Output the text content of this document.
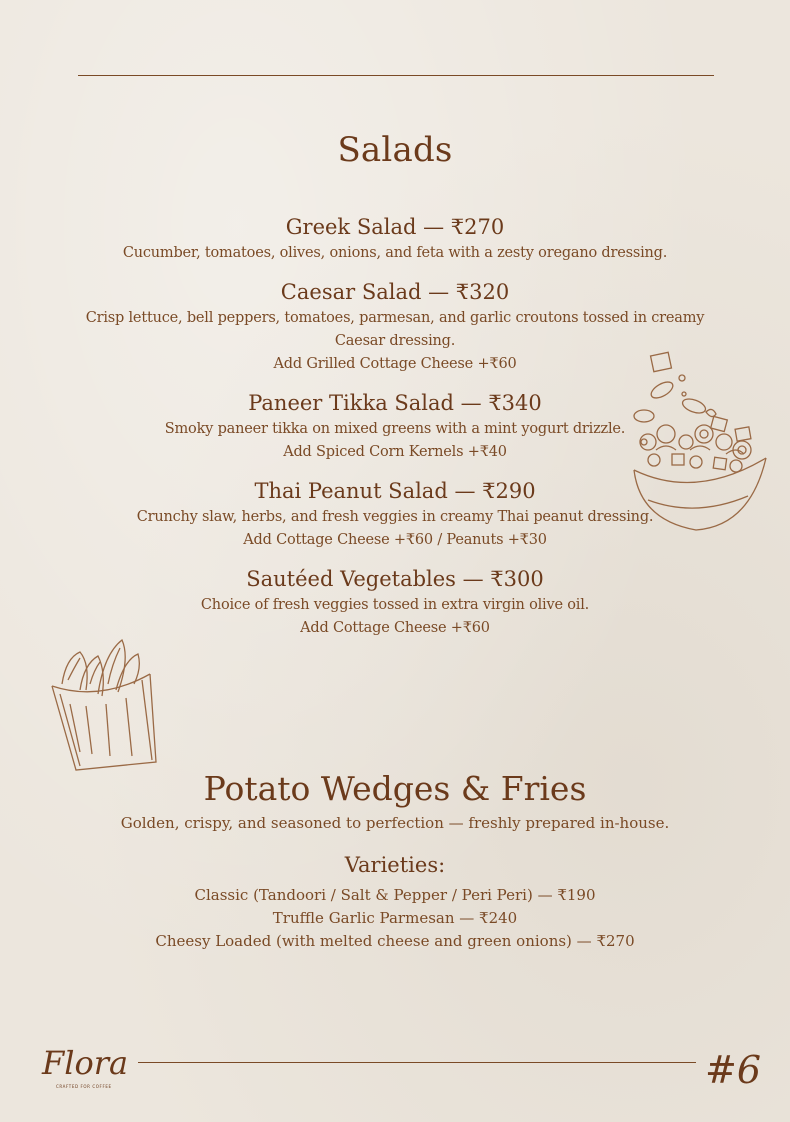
Salads
Greek Salad — ₹270
Cucumber, tomatoes, olives, onions, and feta with a zesty oregano dressing.
Caesar Salad — ₹320
Crisp lettuce, bell peppers, tomatoes, parmesan, and garlic croutons tossed in creamy
Caesar dressing.
Add Grilled Cottage Cheese +₹60
Paneer Tikka Salad — ₹340
Smoky paneer tikka on mixed greens with a mint yogurt drizzle.
Add Spiced Corn Kernels +₹40
Thai Peanut Salad — ₹290
Crunchy slaw, herbs, and fresh veggies in creamy Thai peanut dressing.
Add Cottage Cheese +₹60 / Peanuts +₹30
Sautéed Vegetables — ₹300
Choice of fresh veggies tossed in extra virgin olive oil.
Add Cottage Cheese +₹60
Potato Wedges & Fries
Golden, crispy, and seasoned to perfection — freshly prepared in-house.
Varieties:
Classic (Tandoori / Salt & Pepper / Peri Peri) — ₹190
Truffle Garlic Parmesan — ₹240
Cheesy Loaded (with melted cheese and green onions) — ₹270
Flora
CRAFTED FOR COFFEE	#6
